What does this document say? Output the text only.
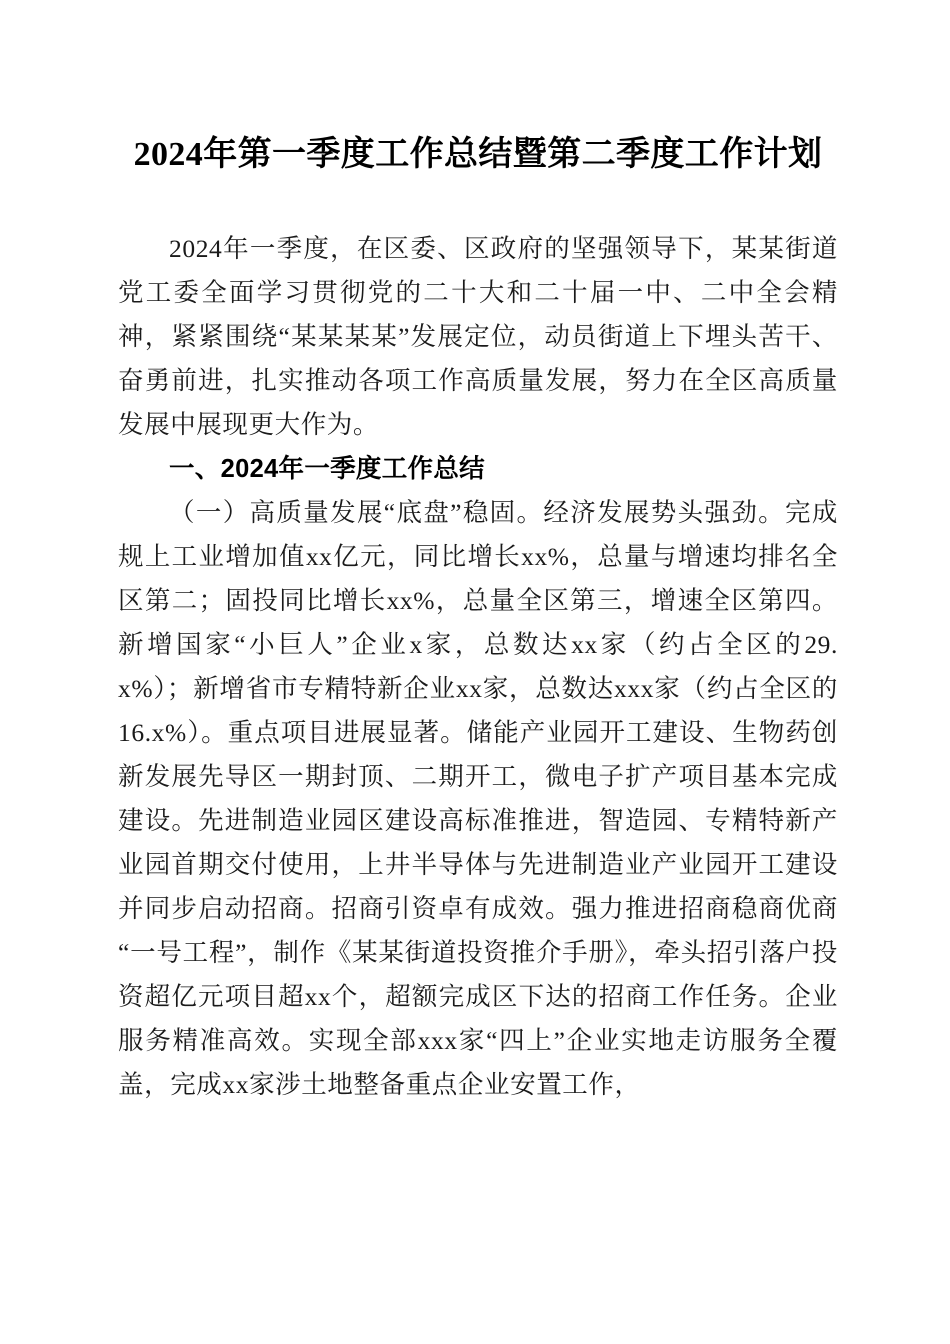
2024年第一季度工作总结暨第二季度工作计划

2024年一季度，在区委、区政府的坚强领导下，某某街道党工委全面学习贯彻党的二十大和二十届一中、二中全会精神，紧紧围绕“某某某某”发展定位，动员街道上下埋头苦干、奋勇前进，扎实推动各项工作高质量发展，努力在全区高质量发展中展现更大作为。

一、2024年一季度工作总结

（一）高质量发展“底盘”稳固。经济发展势头强劲。完成规上工业增加值xx亿元，同比增长xx%，总量与增速均排名全区第二；固投同比增长xx%，总量全区第三，增速全区第四。新增国家“小巨人”企业x家，总数达xx家（约占全区的29.x%）；新增省市专精特新企业xx家，总数达xxx家（约占全区的16.x%）。重点项目进展显著。储能产业园开工建设、生物药创新发展先导区一期封顶、二期开工，微电子扩产项目基本完成建设。先进制造业园区建设高标准推进，智造园、专精特新产业园首期交付使用，上井半导体与先进制造业产业园开工建设并同步启动招商。招商引资卓有成效。强力推进招商稳商优商“一号工程”，制作《某某街道投资推介手册》，牵头招引落户投资超亿元项目超xx个，超额完成区下达的招商工作任务。企业服务精准高效。实现全部xxx家“四上”企业实地走访服务全覆盖，完成xx家涉土地整备重点企业安置工作，
